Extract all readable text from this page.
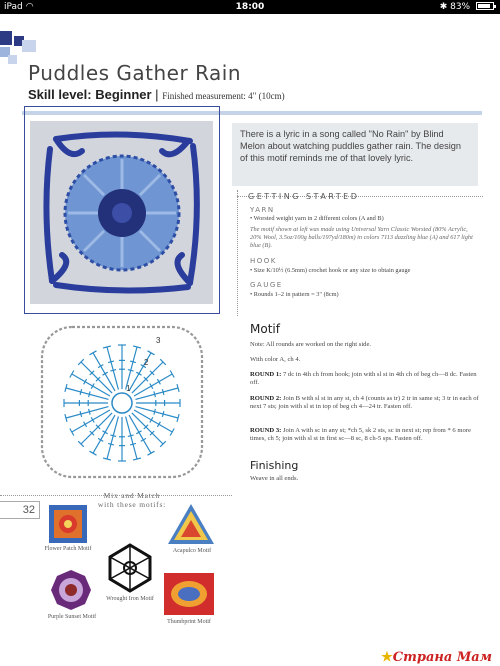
iPad ◠	18:00	✱ 83%
Puddles Gather Rain
Skill level: Beginner | Finished measurement: 4" (10cm)

There is a lyric in a song called "No Rain" by Blind Melon about watching puddles gather rain. The design of this motif reminds me of that lovely lyric.

GETTING STARTED
YARN
• Worsted weight yarn in 2 different colors (A and B)
The motif shown at left was made using Universal Yarn Classic Worsted (80% Acrylic, 20% Wool, 3.5oz/100g balls/197yd/180m) in colors 7113 dazzling blue (A) and 617 light blue (B).
HOOK
• Size K/10½ (6.5mm) crochet hook or any size to obtain gauge
GAUGE
• Rounds 1–2 in pattern = 3" (8cm)
Motif
Note: All rounds are worked on the right side.
With color A, ch 4.
ROUND 1: 7 dc in 4th ch from hook; join with sl st in 4th ch of beg ch—8 dc. Fasten off.
ROUND 2: Join B with sl st in any st, ch 4 (counts as tr) 2 tr in same st; 3 tr in each of next 7 sts; join with sl st in top of beg ch 4—24 tr. Fasten off.
ROUND 3: Join A with sc in any st; *ch 5, sk 2 sts, sc in next st; rep from * 6 more times, ch 5; join with sl st in first sc—8 sc, 8 ch-5 sps. Fasten off.
Finishing
Weave in all ends.
1
2
3
32
Mix and Match with these motifs:
Flower Patch Motif
Wrought Iron Motif
Acapulco Motif
Purple Sunset Motif
Thumbprint Motif
★Страна Мам
